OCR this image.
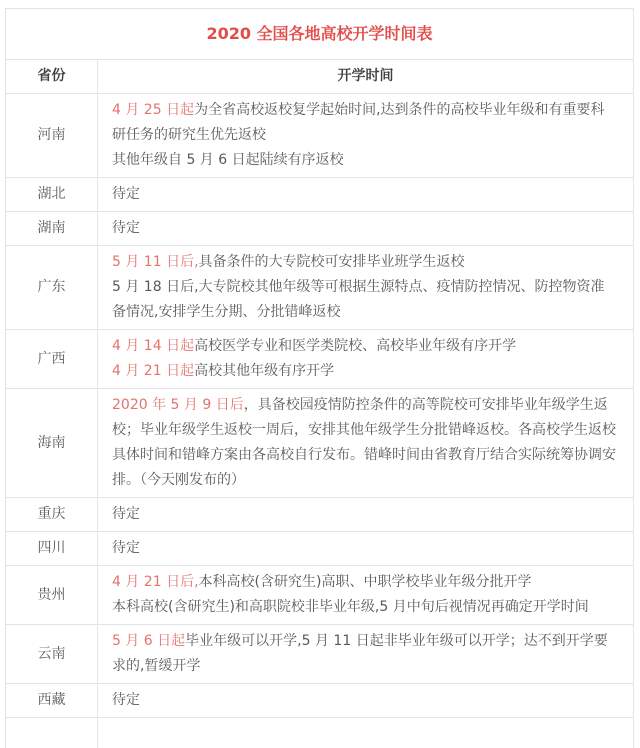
2020 全国各地高校开学时间表	
省份	开学时间
河南	4 月 25 日起为全省高校返校复学起始时间,达到条件的高校毕业年级和有重要科研任务的研究生优先返校
其他年级自 5 月 6 日起陆续有序返校

湖北	待定

湖南	待定

广东	5 月 11 日后,具备条件的大专院校可安排毕业班学生返校
5 月 18 日后,大专院校其他年级等可根据生源特点、疫情防控情况、防控物资准备情况,安排学生分期、分批错峰返校

广西	4 月 14 日起高校医学专业和医学类院校、高校毕业年级有序开学
4 月 21 日起高校其他年级有序开学

海南	2020 年 5 月 9 日后，具备校园疫情防控条件的高等院校可安排毕业年级学生返校；毕业年级学生返校一周后，安排其他年级学生分批错峰返校。各高校学生返校具体时间和错峰方案由各高校自行发布。错峰时间由省教育厅结合实际统筹协调安排。（今天刚发布的）

重庆	待定

四川	待定

贵州	4 月 21 日后,本科高校(含研究生)高职、中职学校毕业年级分批开学
本科高校(含研究生)和高职院校非毕业年级,5 月中旬后视情况再确定开学时间

云南	5 月 6 日起毕业年级可以开学,5 月 11 日起非毕业年级可以开学；达不到开学要求的,暂缓开学

西藏	待定
